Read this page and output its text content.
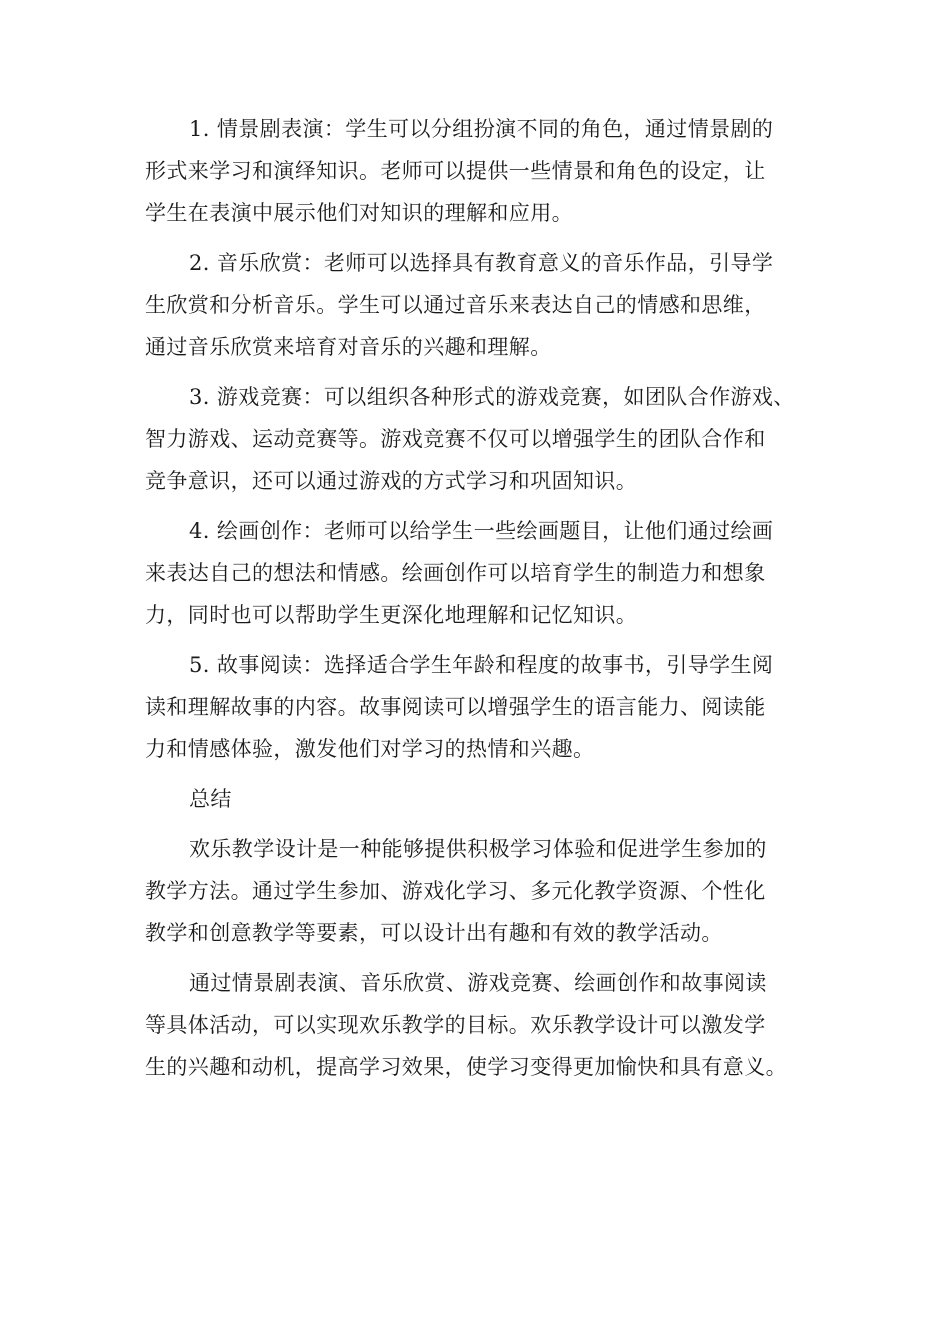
1. 情景剧表演：学生可以分组扮演不同的角色，通过情景剧的
形式来学习和演绎知识。老师可以提供一些情景和角色的设定，让
学生在表演中展示他们对知识的理解和应用。

2. 音乐欣赏：老师可以选择具有教育意义的音乐作品，引导学
生欣赏和分析音乐。学生可以通过音乐来表达自己的情感和思维，
通过音乐欣赏来培育对音乐的兴趣和理解。

3. 游戏竞赛：可以组织各种形式的游戏竞赛，如团队合作游戏、
智力游戏、运动竞赛等。游戏竞赛不仅可以增强学生的团队合作和
竞争意识，还可以通过游戏的方式学习和巩固知识。

4. 绘画创作：老师可以给学生一些绘画题目，让他们通过绘画
来表达自己的想法和情感。绘画创作可以培育学生的制造力和想象
力，同时也可以帮助学生更深化地理解和记忆知识。

5. 故事阅读：选择适合学生年龄和程度的故事书，引导学生阅
读和理解故事的内容。故事阅读可以增强学生的语言能力、阅读能
力和情感体验，激发他们对学习的热情和兴趣。

总结

欢乐教学设计是一种能够提供积极学习体验和促进学生参加的
教学方法。通过学生参加、游戏化学习、多元化教学资源、个性化
教学和创意教学等要素，可以设计出有趣和有效的教学活动。

通过情景剧表演、音乐欣赏、游戏竞赛、绘画创作和故事阅读
等具体活动，可以实现欢乐教学的目标。欢乐教学设计可以激发学
生的兴趣和动机，提高学习效果，使学习变得更加愉快和具有意义。
